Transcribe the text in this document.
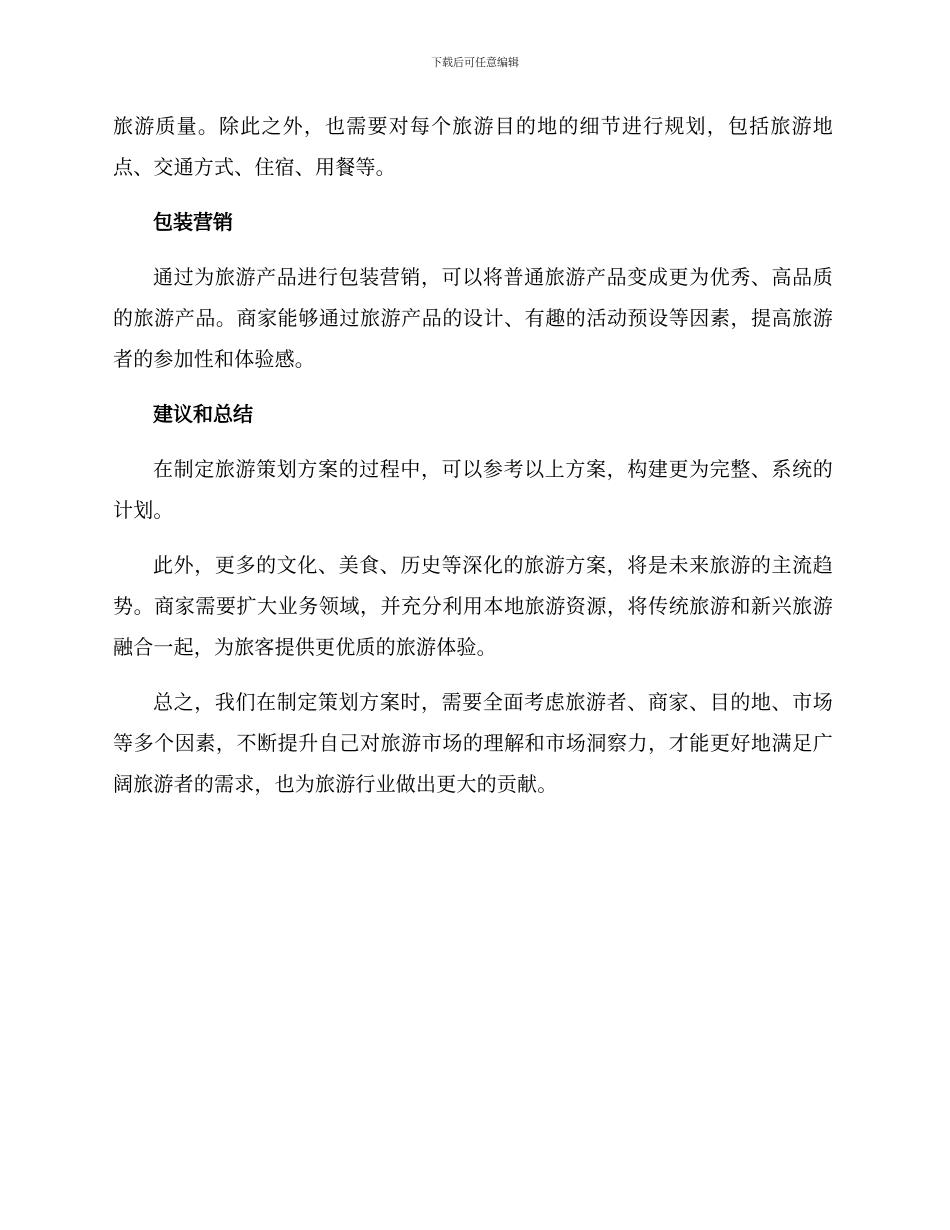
下载后可任意编辑

旅游质量。除此之外，也需要对每个旅游目的地的细节进行规划，包括旅游地点、交通方式、住宿、用餐等。

包装营销

通过为旅游产品进行包装营销，可以将普通旅游产品变成更为优秀、高品质的旅游产品。商家能够通过旅游产品的设计、有趣的活动预设等因素，提高旅游者的参加性和体验感。

建议和总结

在制定旅游策划方案的过程中，可以参考以上方案，构建更为完整、系统的计划。

此外，更多的文化、美食、历史等深化的旅游方案，将是未来旅游的主流趋势。商家需要扩大业务领域，并充分利用本地旅游资源，将传统旅游和新兴旅游融合一起，为旅客提供更优质的旅游体验。

总之，我们在制定策划方案时，需要全面考虑旅游者、商家、目的地、市场等多个因素，不断提升自己对旅游市场的理解和市场洞察力，才能更好地满足广阔旅游者的需求，也为旅游行业做出更大的贡献。
